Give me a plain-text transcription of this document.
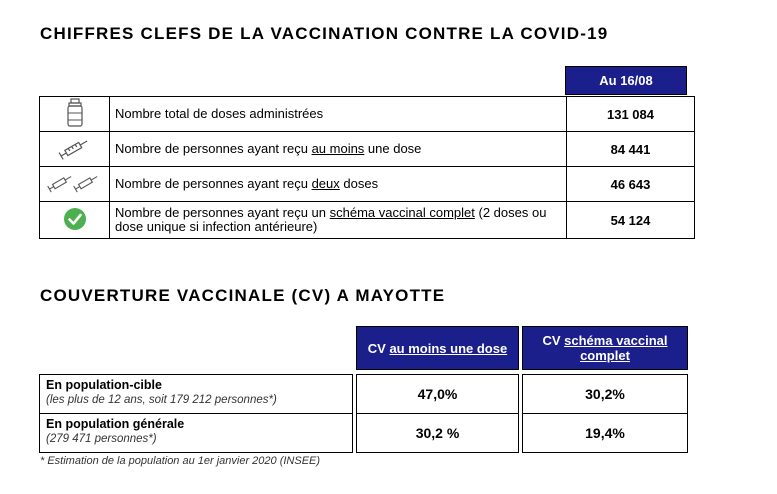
CHIFFRES CLEFS DE LA VACCINATION CONTRE LA COVID-19
Au 16/08
	Nombre total de doses administrées	131 084
	Nombre de personnes ayant reçu au moins une dose	84 441
	Nombre de personnes ayant reçu deux doses	46 643
	Nombre de personnes ayant reçu un schéma vaccinal complet (2 doses ou dose unique si infection antérieure)	54 124
COUVERTURE VACCINALE (CV) A MAYOTTE
		CV au moins une dose		CV schéma vaccinal complet

En population-cible
(les plus de 12 ans, soit 179 212 personnes*)		47,0%		30,2%
En population générale
(279 471 personnes*)		30,2 %		19,4%
* Estimation de la population au 1er janvier 2020 (INSEE)
